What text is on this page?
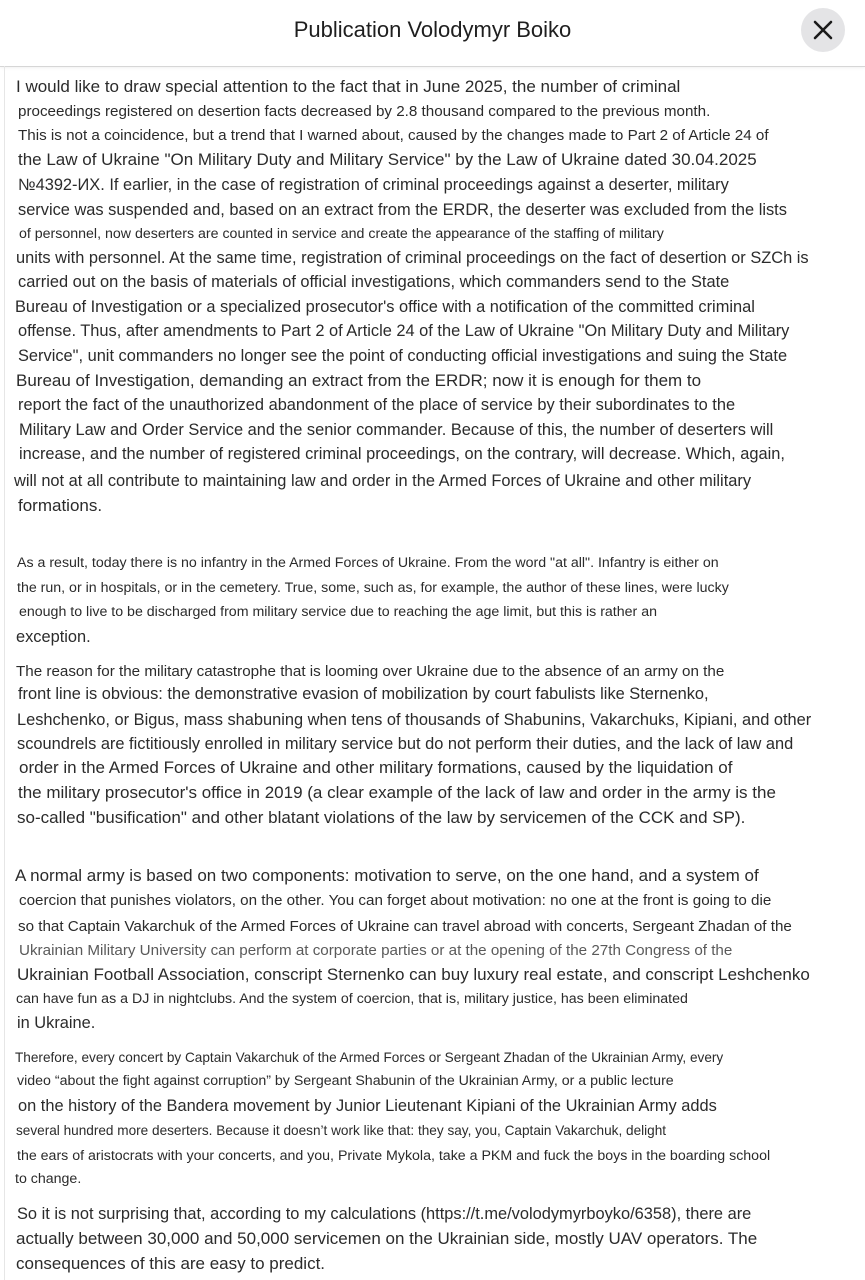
Publication Volodymyr Boiko
I would like to draw special attention to the fact that in June 2025, the number of criminal
proceedings registered on desertion facts decreased by 2.8 thousand compared to the previous month.
This is not a coincidence, but a trend that I warned about, caused by the changes made to Part 2 of Article 24 of
the Law of Ukraine "On Military Duty and Military Service" by the Law of Ukraine dated 30.04.2025
№4392-ИХ. If earlier, in the case of registration of criminal proceedings against a deserter, military
service was suspended and, based on an extract from the ERDR, the deserter was excluded from the lists
of personnel, now deserters are counted in service and create the appearance of the staffing of military
units with personnel. At the same time, registration of criminal proceedings on the fact of desertion or SZCh is
carried out on the basis of materials of official investigations, which commanders send to the State
Bureau of Investigation or a specialized prosecutor's office with a notification of the committed criminal
offense. Thus, after amendments to Part 2 of Article 24 of the Law of Ukraine "On Military Duty and Military
Service", unit commanders no longer see the point of conducting official investigations and suing the State
Bureau of Investigation, demanding an extract from the ERDR; now it is enough for them to
report the fact of the unauthorized abandonment of the place of service by their subordinates to the
Military Law and Order Service and the senior commander. Because of this, the number of deserters will
increase, and the number of registered criminal proceedings, on the contrary, will decrease. Which, again,
will not at all contribute to maintaining law and order in the Armed Forces of Ukraine and other military
formations.
As a result, today there is no infantry in the Armed Forces of Ukraine. From the word "at all". Infantry is either on
the run, or in hospitals, or in the cemetery. True, some, such as, for example, the author of these lines, were lucky
enough to live to be discharged from military service due to reaching the age limit, but this is rather an
exception.
The reason for the military catastrophe that is looming over Ukraine due to the absence of an army on the
front line is obvious: the demonstrative evasion of mobilization by court fabulists like Sternenko,
Leshchenko, or Bigus, mass shabuning when tens of thousands of Shabunins, Vakarchuks, Kipiani, and other
scoundrels are fictitiously enrolled in military service but do not perform their duties, and the lack of law and
order in the Armed Forces of Ukraine and other military formations, caused by the liquidation of
the military prosecutor's office in 2019 (a clear example of the lack of law and order in the army is the
so-called "busification" and other blatant violations of the law by servicemen of the CCK and SP).
A normal army is based on two components: motivation to serve, on the one hand, and a system of
coercion that punishes violators, on the other. You can forget about motivation: no one at the front is going to die
so that Captain Vakarchuk of the Armed Forces of Ukraine can travel abroad with concerts, Sergeant Zhadan of the
Ukrainian Military University can perform at corporate parties or at the opening of the 27th Congress of the
Ukrainian Football Association, conscript Sternenko can buy luxury real estate, and conscript Leshchenko
can have fun as a DJ in nightclubs. And the system of coercion, that is, military justice, has been eliminated
in Ukraine.
Therefore, every concert by Captain Vakarchuk of the Armed Forces or Sergeant Zhadan of the Ukrainian Army, every
video “about the fight against corruption” by Sergeant Shabunin of the Ukrainian Army, or a public lecture
on the history of the Bandera movement by Junior Lieutenant Kipiani of the Ukrainian Army adds
several hundred more deserters. Because it doesn’t work like that: they say, you, Captain Vakarchuk, delight
the ears of aristocrats with your concerts, and you, Private Mykola, take a PKM and fuck the boys in the boarding school
to change.
So it is not surprising that, according to my calculations (https://t.me/volodymyrboyko/6358), there are
actually between 30,000 and 50,000 servicemen on the Ukrainian side, mostly UAV operators. The
consequences of this are easy to predict.
